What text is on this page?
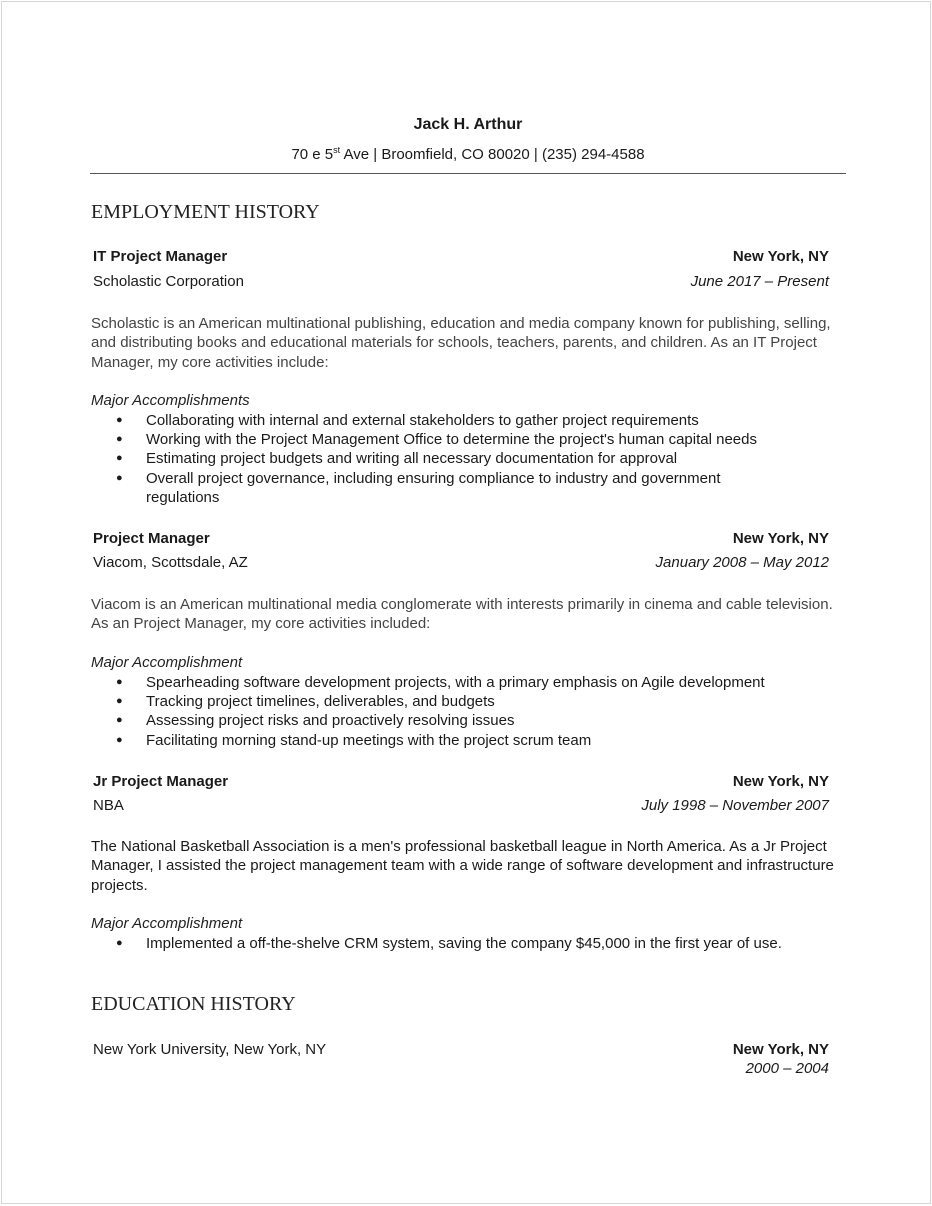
Jack H. Arthur
70 e 5st Ave | Broomfield, CO 80020 | (235) 294-4588
EMPLOYMENT HISTORY
IT Project Manager	New York, NY
Scholastic Corporation	June 2017 – Present
Scholastic is an American multinational publishing, education and media company known for publishing, selling, and distributing books and educational materials for schools, teachers, parents, and children. As an IT Project Manager, my core activities include:
Major Accomplishments
● Collaborating with internal and external stakeholders to gather project requirements
● Working with the Project Management Office to determine the project's human capital needs
● Estimating project budgets and writing all necessary documentation for approval
● Overall project governance, including ensuring compliance to industry and government regulations
Project Manager	New York, NY
Viacom, Scottsdale, AZ	January 2008 – May 2012
Viacom is an American multinational media conglomerate with interests primarily in cinema and cable television. As an Project Manager, my core activities included:
Major Accomplishment
● Spearheading software development projects, with a primary emphasis on Agile development
● Tracking project timelines, deliverables, and budgets
● Assessing project risks and proactively resolving issues
● Facilitating morning stand-up meetings with the project scrum team
Jr Project Manager	New York, NY
NBA	July 1998 – November 2007
The National Basketball Association is a men's professional basketball league in North America. As a Jr Project Manager, I assisted the project management team with a wide range of software development and infrastructure projects.
Major Accomplishment
● Implemented a off-the-shelve CRM system, saving the company $45,000 in the first year of use.
EDUCATION HISTORY
New York University, New York, NY	New York, NY
2000 – 2004
